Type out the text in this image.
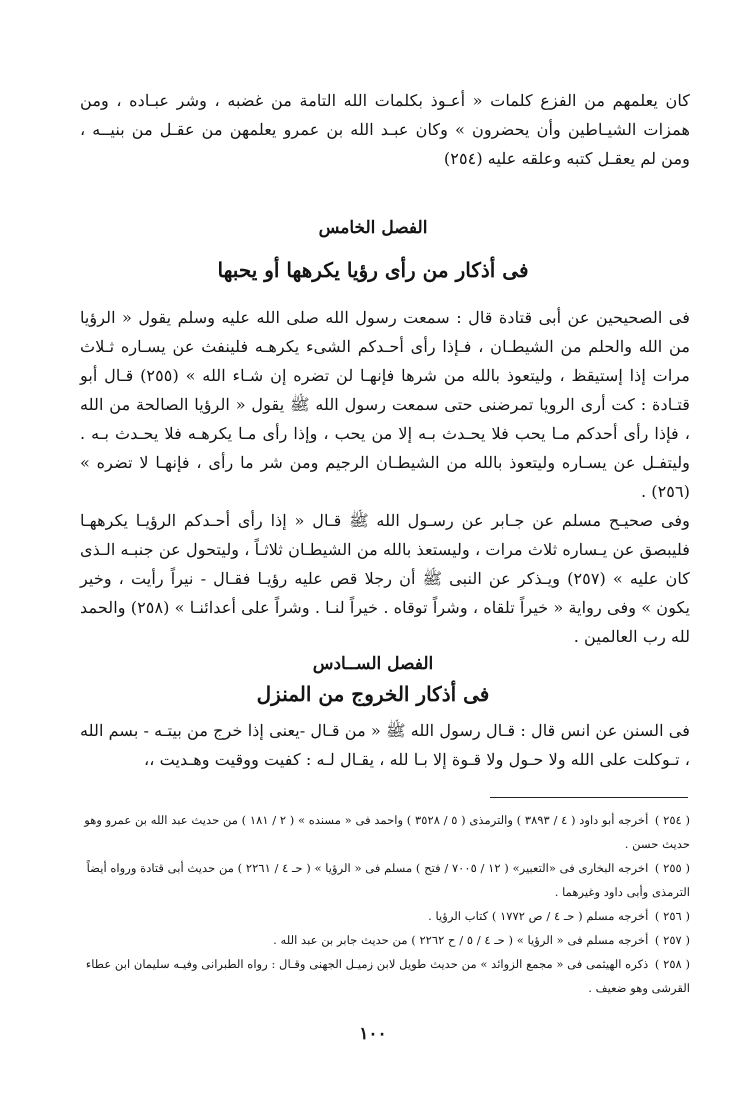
كان يعلمهم من الفزع كلمات « أعـوذ بكلمات الله التامة من غضبه ، وشر عبـاده ، ومن همزات الشيـاطين وأن يحضرون » وكان عبـد الله بن عمرو يعلمهن من عقـل من بنيــه ، ومن لم يعقـل كتبه وعلقه عليه (٢٥٤)

الفصل الخامس
فى أذكار من رأى رؤيا يكرهها أو يحبها

فى الصحيحين عن أبى قتادة قال : سمعت رسول الله صلى الله عليه وسلم يقول « الرؤيا من الله والحلم من الشيطـان ، فـإذا رأى أحـدكم الشىء يكرهـه فلينفث عن يسـاره ثـلاث مرات إذا إستيقظ ، وليتعوذ بالله من شرها فإنهـا لن تضره إن شـاء الله » (٢٥٥) قـال أبو قتـادة : كت أرى الرويا تمرضنى حتى سمعت رسول الله ﷺ يقول « الرؤيا الصالحة من الله ، فإذا رأى أحدكم مـا يحب فلا يحـدث بـه إلا من يحب ، وإذا رأى مـا يكرهـه فلا يحـدث بـه . وليتفـل عن يسـاره وليتعوذ بالله من الشيطـان الرجيم ومن شر ما رأى ، فإنهـا لا تضره » (٢٥٦) .

وفى صحيـح مسلم عن جـابر عن رسـول الله ﷺ قـال « إذا رأى أحـدكم الرؤيـا يكرههـا فليبصق عن يـساره ثلاث مرات ، وليستعذ بالله من الشيطـان ثلاثـاً ، وليتحول عن جنبـه الـذى كان عليه » (٢٥٧) ويـذكر عن النبى ﷺ أن رجلا قص عليه رؤيـا فقـال - نيراً رأيت ، وخير يكون » وفى رواية « خيراً تلقاه ، وشراً توقاه . خيراً لنـا . وشراً على أعدائنـا » (٢٥٨) والحمد لله رب العالمين .

الفصل الســادس
فى أذكار الخروج من المنزل

فى السنن عن انس قال : قـال رسول الله ﷺ « من قـال -يعنى إذا خرج من بيتـه - بسم الله ، تـوكلت على الله ولا حـول ولا قـوة إلا بـا لله ، يقـال لـه : كفيت ووقيت وهـديت ،،

( ٢٥٤ ) أخرجه أبو داود ( ٤ / ٣٨٩٣ ) والترمذى ( ٥ / ٣٥٢٨ ) واحمد فى « مسنده » ( ٢ / ١٨١ ) من حديث عبد الله بن عمرو وهو حديث حسن .
( ٢٥٥ ) اخرجه البخارى فى «التعبير» ( ١٢ / ٧٠٠٥ / فتح ) مسلم فى « الرؤيا » ( حـ ٤ / ٢٢٦١ ) من حديث أبى قتادة ورواه أيضاً الترمذى وأبى داود وغيرهما .
( ٢٥٦ ) أخرجه مسلم ( حـ ٤ / ص ١٧٧٢ ) كتاب الرؤيا .
( ٢٥٧ ) أخرجه مسلم فى « الرؤيا » ( حـ ٤ / ٥ / ح ٢٢٦٢ ) من حديث جابر بن عبد الله .
( ٢٥٨ ) ذكره الهيثمى فى « مجمع الزوائد » من حديث طويل لابن زميـل الجهنى وقـال : رواه الطبرانى وفيـه سليمان ابن عطاء القرشى وهو ضعيف .
١٠٠
